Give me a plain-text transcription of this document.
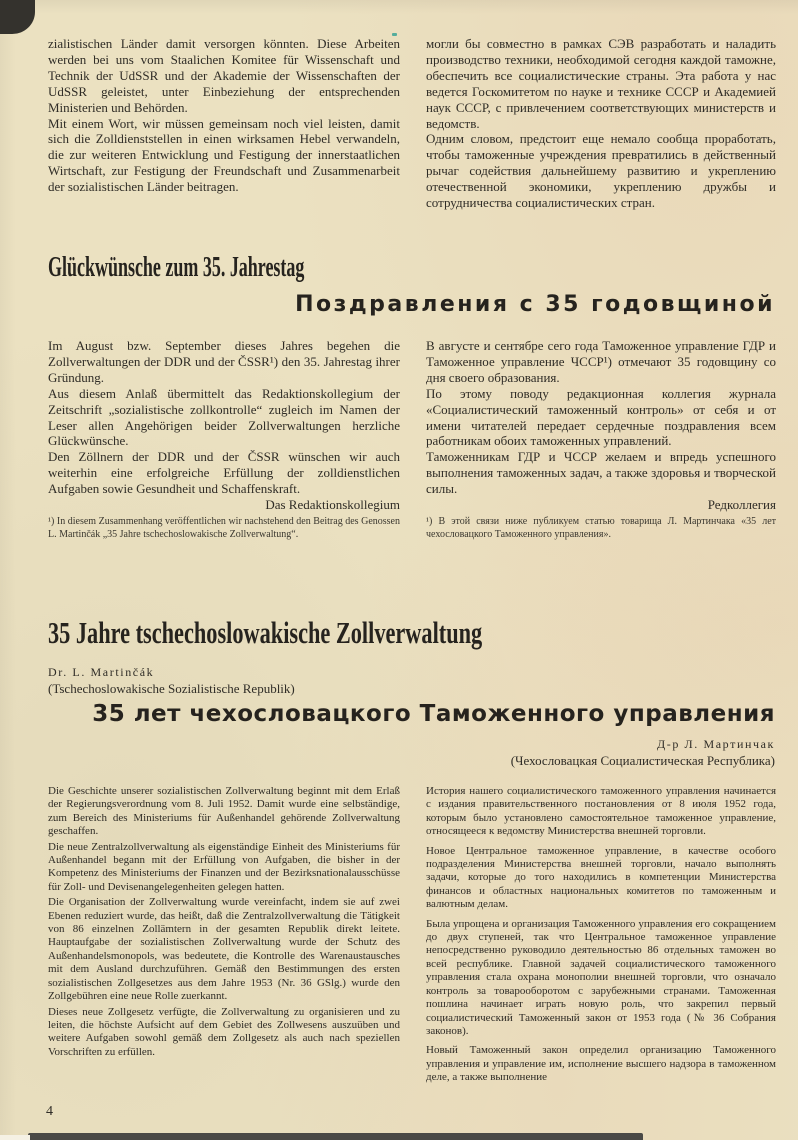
zialistischen Länder damit versorgen könnten. Diese Arbeiten werden bei uns vom Staalichen Komitee für Wissenschaft und Technik der UdSSR und der Akademie der Wissenschaften der UdSSR geleistet, unter Einbeziehung der entsprechenden Ministerien und Behörden.

Mit einem Wort, wir müssen gemeinsam noch viel leisten, damit sich die Zolldienststellen in einen wirksamen Hebel verwandeln, die zur weiteren Entwicklung und Festigung der innerstaatlichen Wirtschaft, zur Festigung der Freundschaft und Zusammenarbeit der sozialistischen Länder beitragen.

могли бы совместно в рамках СЭВ разработать и наладить производство техники, необходимой сегодня каждой таможне, обеспечить все социалистические страны. Эта работа у нас ведется Госкомитетом по науке и технике СССР и Академией наук СССР, с привлечением соответствующих министерств и ведомств.

Одним словом, предстоит еще немало сообща проработать, чтобы таможенные учреждения превратились в действенный рычаг содействия дальнейшему развитию и укреплению отечественной экономики, укреплению дружбы и сотрудничества социалистических стран.

Glückwünsche zum 35. Jahrestag
Поздравления с 35 годовщиной

Im August bzw. September dieses Jahres begehen die Zollverwaltungen der DDR und der ČSSR¹) den 35. Jahrestag ihrer Gründung.

Aus diesem Anlaß übermittelt das Redaktionskollegium der Zeitschrift „sozialistische zollkontrolle“ zugleich im Namen der Leser allen Angehörigen beider Zollverwaltungen herzliche Glückwünsche.

Den Zöllnern der DDR und der ČSSR wünschen wir auch weiterhin eine erfolgreiche Erfüllung der zolldienstlichen Aufgaben sowie Gesundheit und Schaffenskraft.

Das Redaktionskollegium

В августе и сентябре сего года Таможенное управление ГДР и Таможенное управление ЧССР¹) отмечают 35 годовщину со дня своего образования.

По этому поводу редакционная коллегия журнала «Социалистический таможенный контроль» от себя и от имени читателей передает сердечные поздравления всем работникам обоих таможенных управлений.

Таможенникам ГДР и ЧССР желаем и впредь успешного выполнения таможенных задач, а также здоровья и творческой силы.

Редколлегия

¹) In diesem Zusammenhang veröffentlichen wir nachstehend den Beitrag des Genossen L. Martinčák „35 Jahre tschechoslowakische Zollverwaltung“.
¹) В этой связи ниже публикуем статью товарища Л. Мартинчака «35 лет чехословацкого Таможенного управления».
35 Jahre tschechoslowakische Zollverwaltung
Dr. L. Martinčák
(Tschechoslowakische Sozialistische Republik)
35 лет чехословацкого Таможенного управления
Д-р Л. Мартинчак
(Чехословацкая Социалистическая Республика)

Die Geschichte unserer sozialistischen Zollverwaltung beginnt mit dem Erlaß der Regierungsverordnung vom 8. Juli 1952. Damit wurde eine selbständige, zum Bereich des Ministeriums für Außenhandel gehörende Zollverwaltung geschaffen.

Die neue Zentralzollverwaltung als eigenständige Einheit des Ministeriums für Außenhandel begann mit der Erfüllung von Aufgaben, die bisher in der Kompetenz des Ministeriums der Finanzen und der Bezirksnationalausschüsse für Zoll- und Devisenangelegenheiten gelegen hatten.

Die Organisation der Zollverwaltung wurde vereinfacht, indem sie auf zwei Ebenen reduziert wurde, das heißt, daß die Zentralzollverwaltung die Tätigkeit von 86 einzelnen Zollämtern in der gesamten Republik direkt leitete. Hauptaufgabe der sozialistischen Zollverwaltung wurde der Schutz des Außenhandelsmonopols, was bedeutete, die Kontrolle des Warenaustausches mit dem Ausland durchzuführen. Gemäß den Bestimmungen des ersten sozialistischen Zollgesetzes aus dem Jahre 1953 (Nr. 36 GSlg.) wurde den Zollgebühren eine neue Rolle zuerkannt.

Dieses neue Zollgesetz verfügte, die Zollverwaltung zu organisieren und zu leiten, die höchste Aufsicht auf dem Gebiet des Zollwesens auszuüben und weitere Aufgaben sowohl gemäß dem Zollgesetz als auch nach speziellen Vorschriften zu erfüllen.

История нашего социалистического таможенного управления начинается с издания правительственного постановления от 8 июля 1952 года, которым было установлено самостоятельное таможенное управление, относящееся к ведомству Министерства внешней торговли.

Новое Центральное таможенное управление, в качестве особого подразделения Министерства внешней торговли, начало выполнять задачи, которые до того находились в компетенции Министерства финансов и областных национальных комитетов по таможенным и валютным делам.

Была упрощена и организация Таможенного управления его сокращением до двух ступеней, так что Центральное таможенное управление непосредственно руководило деятельностью 86 отдельных таможен во всей республике. Главной задачей социалистического таможенного управления стала охрана монополии внешней торговли, что означало контроль за товарооборотом с зарубежными странами. Таможенная пошлина начинает играть новую роль, что закрепил первый социалистический Таможенный закон от 1953 года (№ 36 Собрания законов).

Новый Таможенный закон определил организацию Таможенного управления и управление им, исполнение высшего надзора в таможенном деле, а также выполнение

4
